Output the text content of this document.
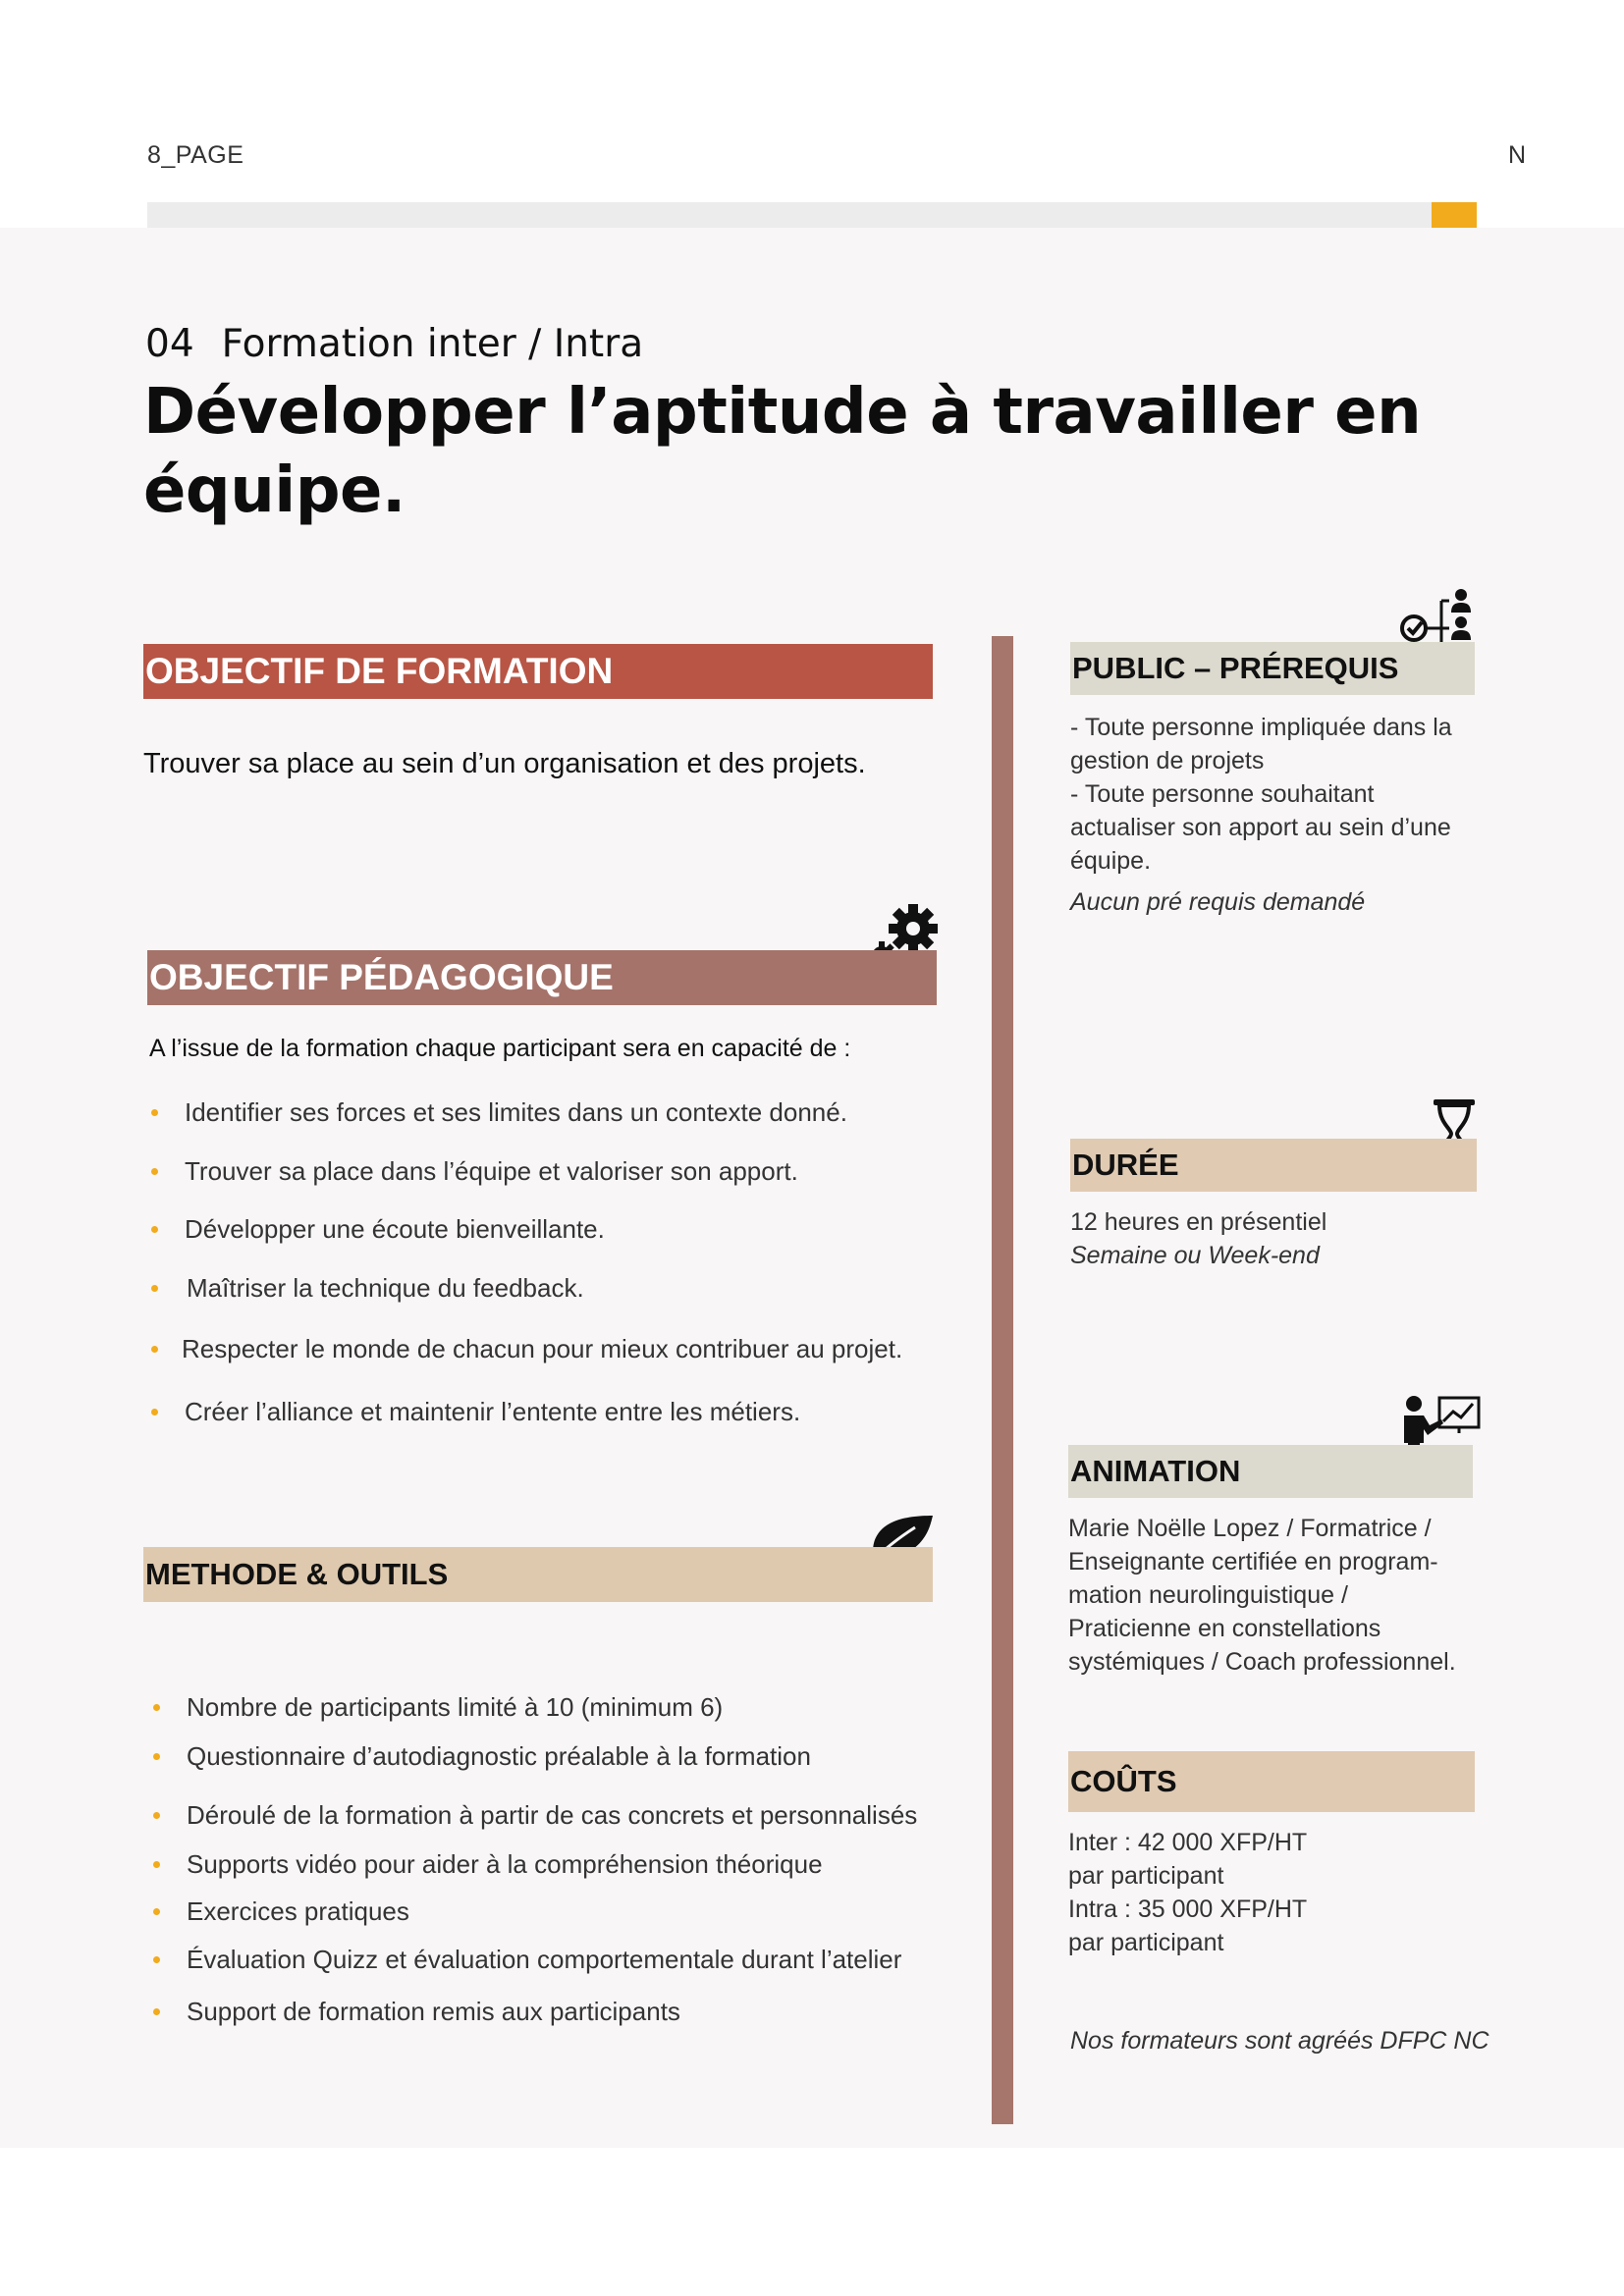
8_PAGE	N
04 Formation inter / Intra
Développer l’aptitude à travailler en équipe.
OBJECTIF DE FORMATION
Trouver sa place au sein d’un organisation et des projets.
OBJECTIF PÉDAGOGIQUE
A l’issue de la formation chaque participant sera en capacité de :
Identifier ses forces et ses limites dans un contexte donné.
Trouver sa place dans l’équipe et valoriser son apport.
Développer une écoute bienveillante.
Maîtriser la technique du feedback.
Respecter le monde de chacun pour mieux contribuer au projet.
Créer l’alliance et maintenir l’entente entre les métiers.
METHODE & OUTILS
Nombre de participants limité à 10 (minimum 6)
Questionnaire d’autodiagnostic préalable à la formation
Déroulé de la formation à partir de cas concrets et personnalisés
Supports vidéo pour aider à la compréhension théorique
Exercices pratiques
Évaluation Quizz et évaluation comportementale durant l’atelier
Support de formation remis aux participants
PUBLIC – PRÉREQUIS
- Toute personne impliquée dans la
gestion de projets
- Toute personne souhaitant
actualiser son apport au sein d’une
équipe.
Aucun pré requis demandé
DURÉE
12 heures en présentiel
Semaine ou Week-end
ANIMATION
Marie Noëlle Lopez / Formatrice /
Enseignante certifiée en program-
mation neurolinguistique /
Praticienne en constellations
systémiques / Coach professionnel.
COÛTS
Inter : 42 000 XFP/HT
par participant
Intra : 35 000 XFP/HT
par participant
Nos formateurs sont agréés DFPC NC
